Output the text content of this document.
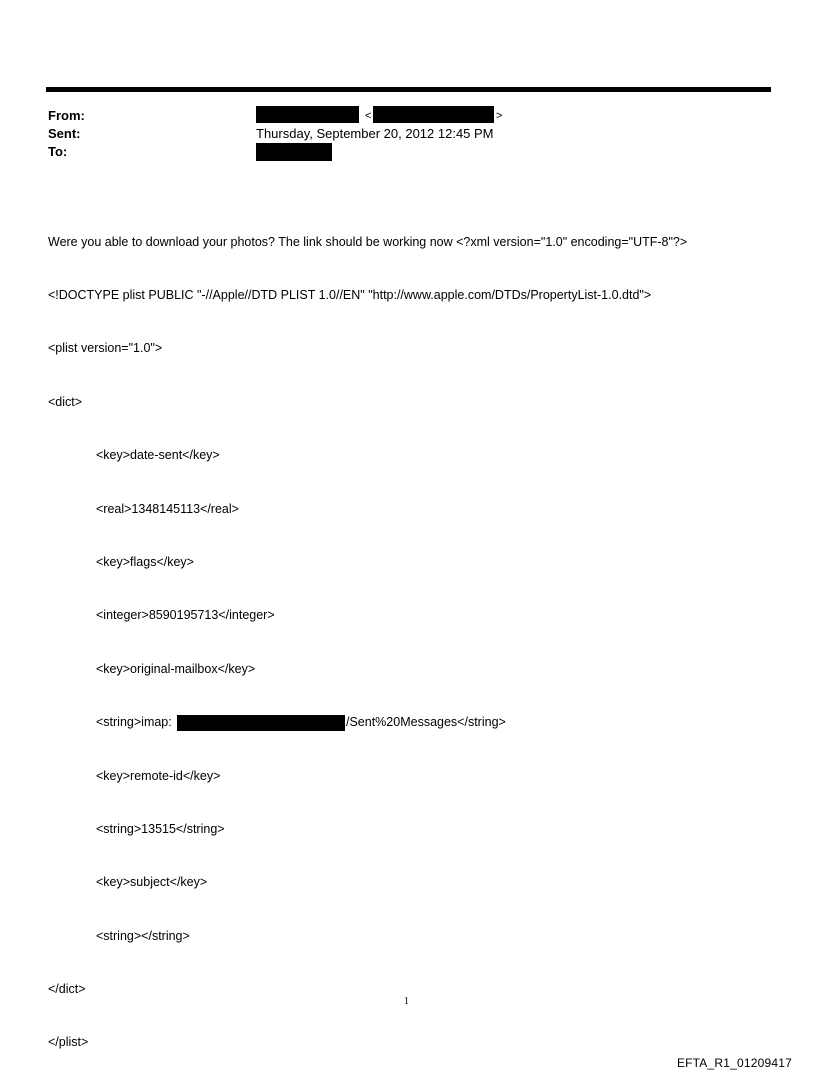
From:
Sent:
To:
<	>
Thursday, September 20, 2012 12:45 PM

Were you able to download your photos? The link should be working now <?xml version="1.0" encoding="UTF-8"?>

<!DOCTYPE plist PUBLIC "-//Apple//DTD PLIST 1.0//EN" "http://www.apple.com/DTDs/PropertyList-1.0.dtd">

<plist version="1.0">

<dict>

<key>date-sent</key>

<real>1348145113</real>

<key>flags</key>

<integer>8590195713</integer>

<key>original-mailbox</key>

<string>imap:	/Sent%20Messages</string>

<key>remote-id</key>

<string>13515</string>

<key>subject</key>

<string></string>

</dict>

</plist>

1
EFTA_R1_01209417
